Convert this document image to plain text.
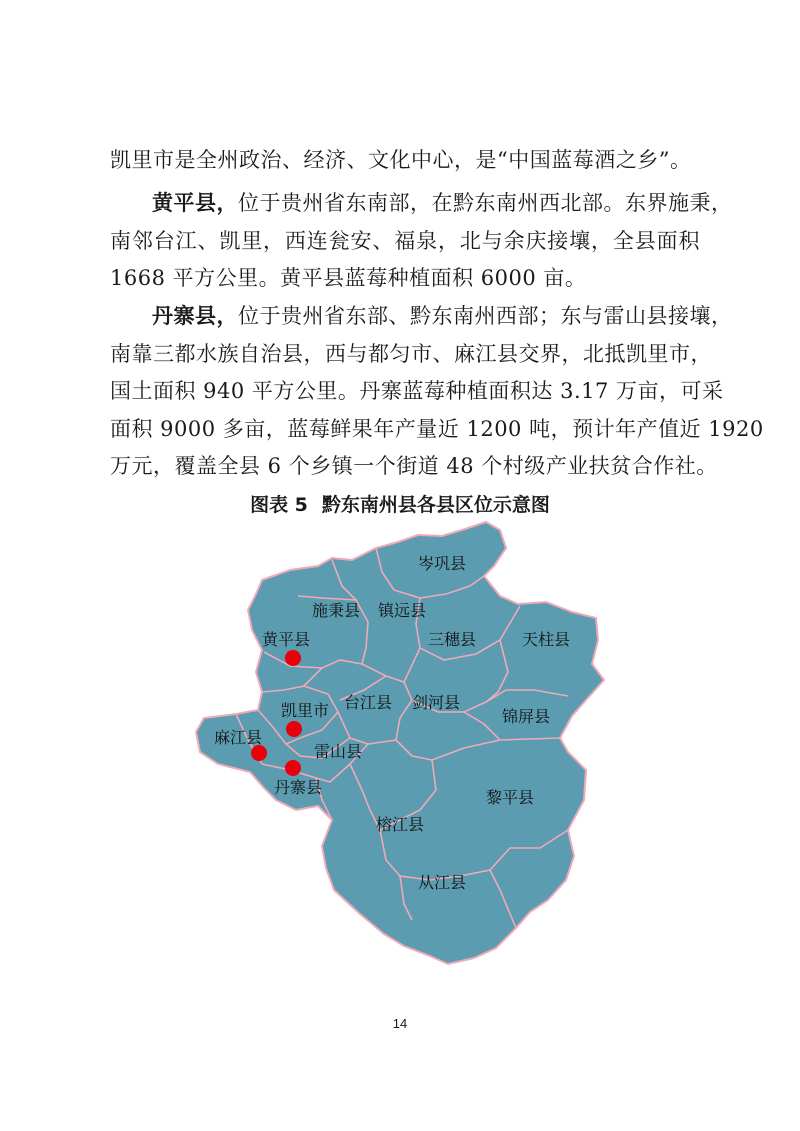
凯里市是全州政治、经济、文化中心，是“中国蓝莓酒之乡”。
黄平县，位于贵州省东南部，在黔东南州西北部。东界施秉，
南邻台江、凯里，西连瓮安、福泉，北与余庆接壤，全县面积
1668 平方公里。黄平县蓝莓种植面积 6000 亩。
丹寨县，位于贵州省东部、黔东南州西部；东与雷山县接壤，
南靠三都水族自治县，西与都匀市、麻江县交界，北抵凯里市，
国土面积 940 平方公里。丹寨蓝莓种植面积达 3.17 万亩，可采
面积 9000 多亩，蓝莓鲜果年产量近 1200 吨，预计年产值近 1920
万元，覆盖全县 6 个乡镇一个街道 48 个村级产业扶贫合作社。
图表 5 黔东南州县各县区位示意图
岑巩县
施秉县 镇远县
黄平县	三穗县	天柱县
凯里市 台江县 剑河县
锦屏县
麻江县
雷山县
丹寨县
黎平县
榕江县
从江县
14
